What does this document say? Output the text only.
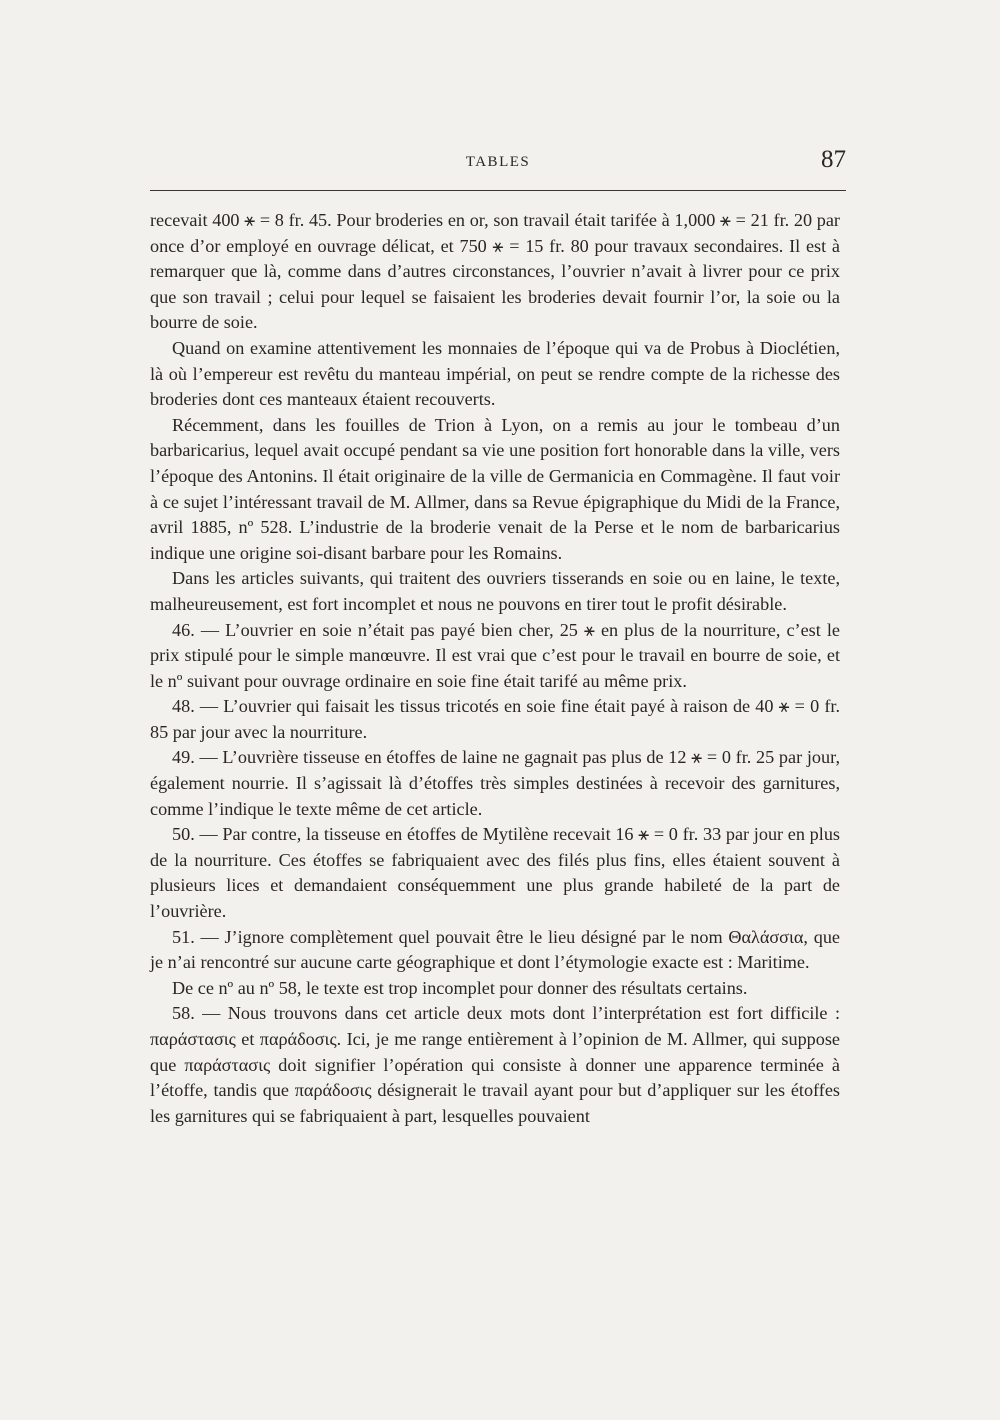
TABLES	87

recevait 400 ⚹ = 8 fr. 45. Pour broderies en or, son travail était tarifée à 1,000 ⚹ = 21 fr. 20 par once d’or employé en ouvrage délicat, et 750 ⚹ = 15 fr. 80 pour travaux secondaires. Il est à remarquer que là, comme dans d’autres circonstances, l’ouvrier n’avait à livrer pour ce prix que son travail ; celui pour lequel se faisaient les broderies devait fournir l’or, la soie ou la bourre de soie.

Quand on examine attentivement les monnaies de l’époque qui va de Probus à Dioclétien, là où l’empereur est revêtu du manteau impérial, on peut se rendre compte de la richesse des broderies dont ces manteaux étaient recouverts.

Récemment, dans les fouilles de Trion à Lyon, on a remis au jour le tombeau d’un barbaricarius, lequel avait occupé pendant sa vie une position fort honorable dans la ville, vers l’époque des Antonins. Il était originaire de la ville de Germanicia en Commagène. Il faut voir à ce sujet l’intéressant travail de M. Allmer, dans sa Revue épigraphique du Midi de la France, avril 1885, nº 528. L’industrie de la broderie venait de la Perse et le nom de barbaricarius indique une origine soi-disant barbare pour les Romains.

Dans les articles suivants, qui traitent des ouvriers tisserands en soie ou en laine, le texte, malheureusement, est fort incomplet et nous ne pouvons en tirer tout le profit désirable.

46. — L’ouvrier en soie n’était pas payé bien cher, 25 ⚹ en plus de la nourriture, c’est le prix stipulé pour le simple manœuvre. Il est vrai que c’est pour le travail en bourre de soie, et le nº suivant pour ouvrage ordinaire en soie fine était tarifé au même prix.

48. — L’ouvrier qui faisait les tissus tricotés en soie fine était payé à raison de 40 ⚹ = 0 fr. 85 par jour avec la nourriture.

49. — L’ouvrière tisseuse en étoffes de laine ne gagnait pas plus de 12 ⚹ = 0 fr. 25 par jour, également nourrie. Il s’agissait là d’étoffes très simples destinées à recevoir des garnitures, comme l’indique le texte même de cet article.

50. — Par contre, la tisseuse en étoffes de Mytilène recevait 16 ⚹ = 0 fr. 33 par jour en plus de la nourriture. Ces étoffes se fabriquaient avec des filés plus fins, elles étaient souvent à plusieurs lices et demandaient conséquemment une plus grande habileté de la part de l’ouvrière.

51. — J’ignore complètement quel pouvait être le lieu désigné par le nom Θαλάσσια, que je n’ai rencontré sur aucune carte géographique et dont l’étymologie exacte est : Maritime.

De ce nº au nº 58, le texte est trop incomplet pour donner des résultats certains.

58. — Nous trouvons dans cet article deux mots dont l’interprétation est fort difficile : παράστασις et παράδοσις. Ici, je me range entièrement à l’opinion de M. Allmer, qui suppose que παράστασις doit signifier l’opération qui consiste à donner une apparence terminée à l’étoffe, tandis que παράδοσις désignerait le travail ayant pour but d’appliquer sur les étoffes les garnitures qui se fabriquaient à part, lesquelles pouvaient
